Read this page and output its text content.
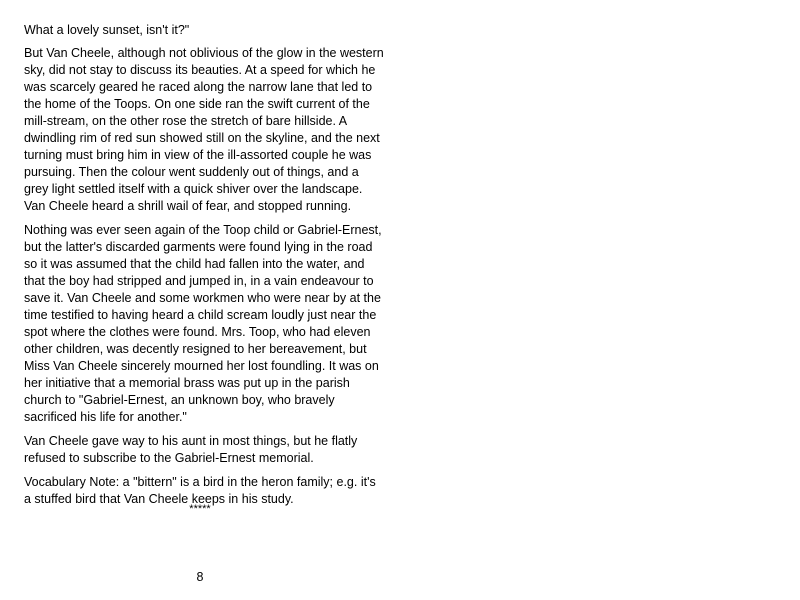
What a lovely sunset, isn't it?"

But Van Cheele, although not oblivious of the glow in the western sky, did not stay to discuss its beauties. At a speed for which he was scarcely geared he raced along the narrow lane that led to the home of the Toops. On one side ran the swift current of the mill-stream, on the other rose the stretch of bare hillside. A dwindling rim of red sun showed still on the skyline, and the next turning must bring him in view of the ill-assorted couple he was pursuing. Then the colour went suddenly out of things, and a grey light settled itself with a quick shiver over the landscape. Van Cheele heard a shrill wail of fear, and stopped running.

Nothing was ever seen again of the Toop child or Gabriel-Ernest, but the latter's discarded garments were found lying in the road so it was assumed that the child had fallen into the water, and that the boy had stripped and jumped in, in a vain endeavour to save it. Van Cheele and some workmen who were near by at the time testified to having heard a child scream loudly just near the spot where the clothes were found. Mrs. Toop, who had eleven other children, was decently resigned to her bereavement, but Miss Van Cheele sincerely mourned her lost foundling. It was on her initiative that a memorial brass was put up in the parish church to "Gabriel-Ernest, an unknown boy, who bravely sacrificed his life for another."

Van Cheele gave way to his aunt in most things, but he flatly refused to subscribe to the Gabriel-Ernest memorial.

Vocabulary Note: a "bittern" is a bird in the heron family; e.g. it's a stuffed bird that Van Cheele keeps in his study.

*****
8
